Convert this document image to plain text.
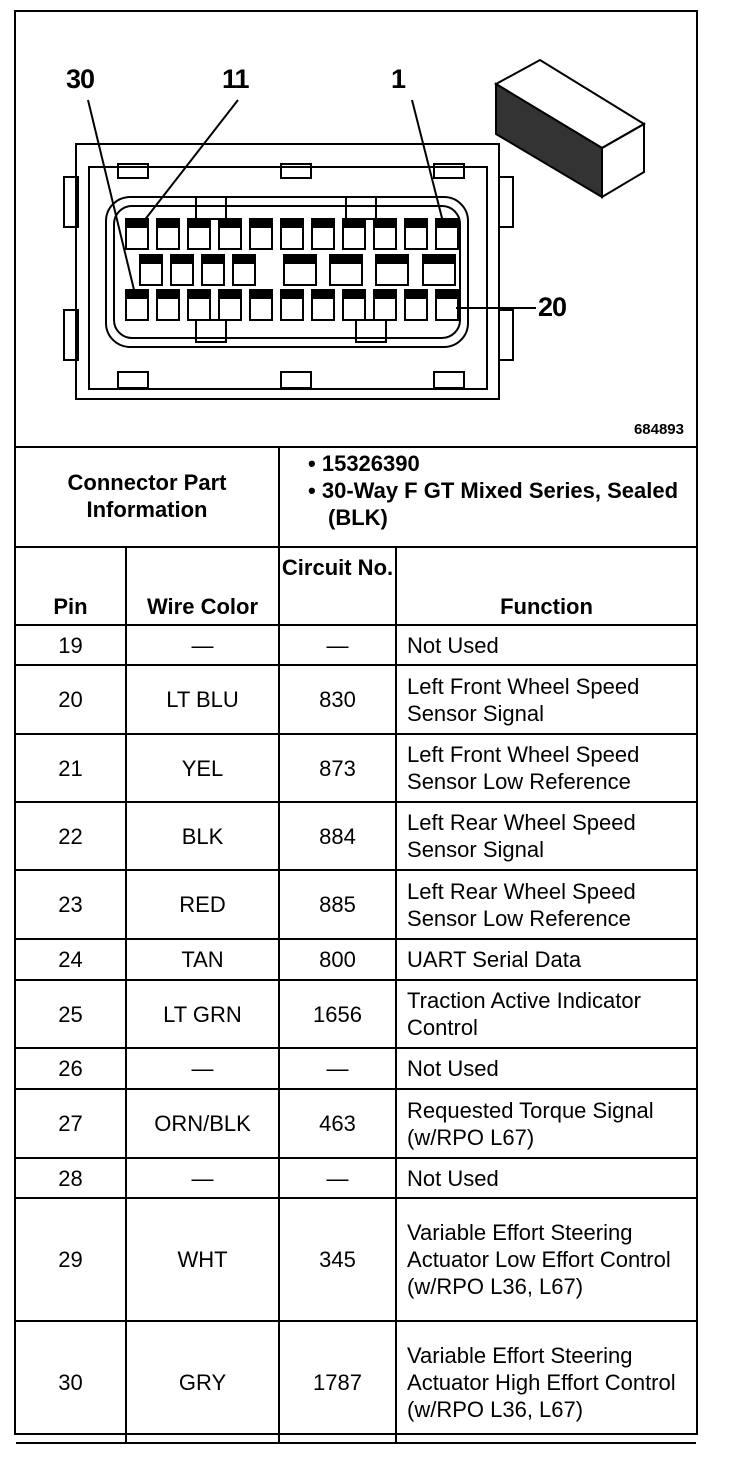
30	11	1
20
684893
Connector Part Information		• 15326390
• 30-Way F GT Mixed Series, Sealed (BLK)	

Pin	Wire Color	Circuit No.	Function
19	—	—	Not Used
20	LT BLU	830	Left Front Wheel Speed Sensor Signal
21	YEL	873	Left Front Wheel Speed Sensor Low Reference
22	BLK	884	Left Rear Wheel Speed Sensor Signal
23	RED	885	Left Rear Wheel Speed Sensor Low Reference
24	TAN	800	UART Serial Data
25	LT GRN	1656	Traction Active Indicator Control
26	—	—	Not Used
27	ORN/BLK	463	Requested Torque Signal (w/RPO L67)
28	—	—	Not Used
29	WHT	345	Variable Effort Steering Actuator Low Effort Control (w/RPO L36, L67)
30	GRY	1787	Variable Effort Steering Actuator High Effort Control (w/RPO L36, L67)
